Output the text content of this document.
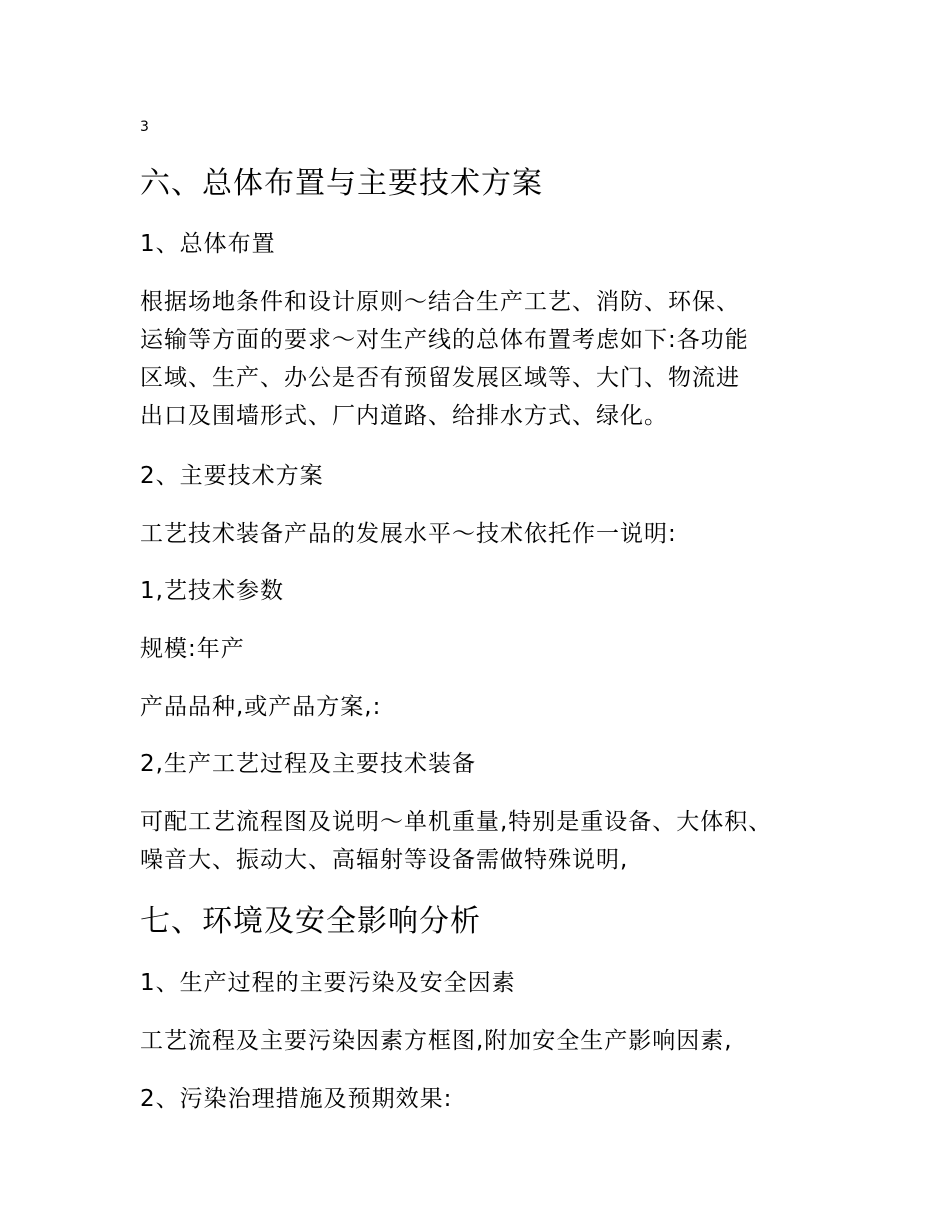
3
六、总体布置与主要技术方案
1、总体布置
根据场地条件和设计原则～结合生产工艺、消防、环保、
运输等方面的要求～对生产线的总体布置考虑如下:各功能
区域、生产、办公是否有预留发展区域等、大门、物流进
出口及围墙形式、厂内道路、给排水方式、绿化。
2、主要技术方案
工艺技术装备产品的发展水平～技术依托作一说明:
1,艺技术参数
规模:年产
产品品种,或产品方案,:
2,生产工艺过程及主要技术装备
可配工艺流程图及说明～单机重量,特别是重设备、大体积、
噪音大、振动大、高辐射等设备需做特殊说明,
七、环境及安全影响分析
1、生产过程的主要污染及安全因素
工艺流程及主要污染因素方框图,附加安全生产影响因素,
2、污染治理措施及预期效果:
